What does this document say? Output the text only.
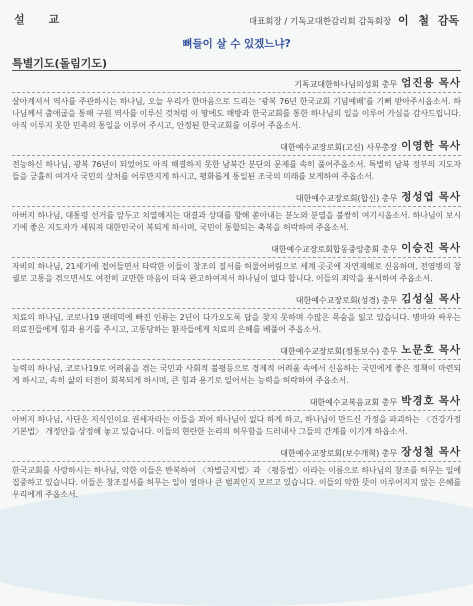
설 교	대표회장 / 기독교대한감리회 감독회장 이 철 감독
뼈들이 살 수 있겠느냐?
특별기도(돌림기도)
기독교대한하나님의성회 총무 엄진용 목사

살아계셔서 역사를 주관하시는 하나님, 오늘 우리가 한마음으로 드리는 ‘광복 76년 한국교회 기념예배’를 기뻐 받아주시옵소서. 하나님께서 출애굽을 통해 구원 역사를 이루신 것처럼 이 땅에도 해방과 한국교회를 통한 하나님의 일을 이루어 가심을 감사드립니다. 아직 이루지 못한 민족의 통일을 이루어 주시고, 안정된 한국교회를 이루어 주옵소서.

대한예수교장로회(고신) 사무총장 이영한 목사

전능하신 하나님, 광복 76년이 되었어도 아직 해결하지 못한 남북간 분단의 문제를 속히 풀어주옵소서. 특별히 남북 정부의 지도자들을 긍휼히 여겨사 국민의 상처를 어루만지게 하시고, 평화롭게 통일된 조국의 미래를 보게하여 주옵소서.

대한예수교장로회(합신) 총무 정성엽 목사

아버지 하나님, 대통령 선거를 앞두고 치열해지는 대결과 상대를 향해 쏟아내는 분노와 분열을 불쌍히 여기시옵소서. 하나님이 보시기에 좋은 지도자가 세워져 대한민국이 복되게 하시며, 국민이 통합되는 축복을 허락하여 주옵소서.

대한예수교장로회합동중앙총회 총무 이승진 목사

자비의 하나님, 21세기에 접어들면서 타락한 이들이 창조의 질서를 허물어버림으로 세계 곳곳에 자연재해로 신음하며, 전염병의 창궐로 고통을 겪으면서도 여전히 교만한 마음이 더욱 완고하여져서 하나님이 없다 합니다. 이들의 죄악을 용서하여 주옵소서.

대한예수교장로회(성경) 총무 김성실 목사

치료의 하나님, 코로나19 팬데믹에 빠진 인류는 2년이 다가오도록 답을 찾지 못하며 수많은 목숨을 잃고 있습니다. 병마와 싸우는 의료진들에게 힘과 용기를 주시고, 고통당하는 환자들에게 치료의 은혜를 베풀어 주옵소서.

대한예수교장로회(정통보수) 총무 노문호 목사

능력의 하나님, 코로나19로 어려움을 겪는 국민과 사회적 불평등으로 경제적 어려움 속에서 신음하는 국민에게 좋은 정책이 마련되게 하시고, 속히 삶의 터전이 회복되게 하시며, 큰 힘과 용기로 일어서는 능력을 허락하여 주옵소서.

대한예수교복음교회 총무 박경호 목사

아버지 하나님, 사단은 지식인이요 권세자라는 이들을 꾀어 하나님이 없다 하게 하고, 하나님이 만드신 가정을 파괴하는 〈건강가정기본법〉 개정안을 상정해 놓고 있습니다. 이들의 현란한 논리의 허무함을 드러내사 그들의 간계를 이기게 하옵소서.

대한예수교장로회(보수개혁) 총무 장성철 목사

한국교회를 사랑하시는 하나님, 악한 이들은 반복하여 〈차별금지법〉과 〈평등법〉이라는 이름으로 하나님의 창조를 허무는 일에 집중하고 있습니다. 이들은 창조질서를 허무는 일이 얼마나 큰 범죄인지 모르고 있습니다. 이들의 악한 뜻이 이루어지지 않는 은혜를 우리에게 주옵소서.
